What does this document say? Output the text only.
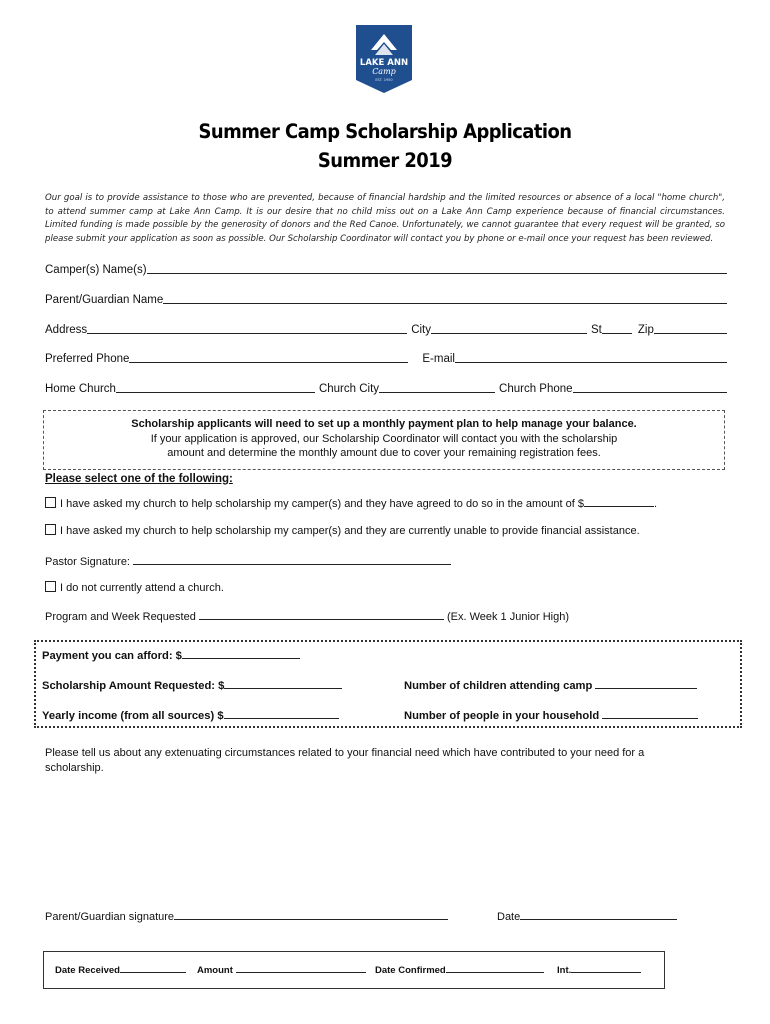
LAKE ANN
Camp
EST. 1950
Summer Camp Scholarship Application
Summer 2019
Our goal is to provide assistance to those who are prevented, because of financial hardship and the limited resources or absence of a local "home church", to attend summer camp at Lake Ann Camp. It is our desire that no child miss out on a Lake Ann Camp experience because of financial circumstances. Limited funding is made possible by the generosity of donors and the Red Canoe. Unfortunately, we cannot guarantee that every request will be granted, so please submit your application as soon as possible. Our Scholarship Coordinator will contact you by phone or e-mail once your request has been reviewed.
Camper(s) Name(s)
Parent/Guardian Name
Address	City	St	Zip
Preferred Phone	E-mail
Home Church	Church City	Church Phone
Scholarship applicants will need to set up a monthly payment plan to help manage your balance.
If your application is approved, our Scholarship Coordinator will contact you with the scholarship
amount and determine the monthly amount due to cover your remaining registration fees.
Please select one of the following:
I have asked my church to help scholarship my camper(s) and they have agreed to do so in the amount of $	.
I have asked my church to help scholarship my camper(s) and they are currently unable to provide financial assistance.
Pastor Signature:
I do not currently attend a church.
Program and Week Requested	(Ex. Week 1 Junior High)
Payment you can afford: $
Scholarship Amount Requested: $	Number of children attending camp
Yearly income (from all sources) $	Number of people in your household
Please tell us about any extenuating circumstances related to your financial need which have contributed to your need for a scholarship.
Parent/Guardian signature	Date
Date Received	Amount	Date Confirmed	Int.
